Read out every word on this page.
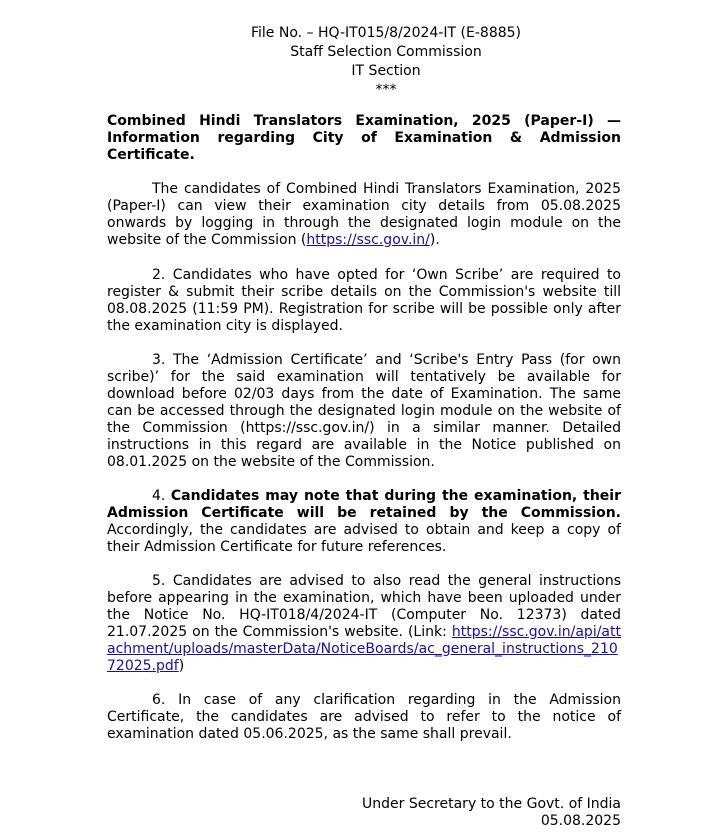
File No. – HQ-IT015/8/2024-IT (E-8885)
Staff Selection Commission
IT Section
***
Combined Hindi Translators Examination, 2025 (Paper-I) — Information regarding City of Examination & Admission Certificate.
The candidates of Combined Hindi Translators Examination, 2025 (Paper-I) can view their examination city details from 05.08.2025 onwards by logging in through the designated login module on the website of the Commission (https://ssc.gov.in/).
2. Candidates who have opted for ‘Own Scribe’ are required to register & submit their scribe details on the Commission's website till 08.08.2025 (11:59 PM). Registration for scribe will be possible only after the examination city is displayed.
3. The ‘Admission Certificate’ and ‘Scribe's Entry Pass (for own scribe)’ for the said examination will tentatively be available for download before 02/03 days from the date of Examination. The same can be accessed through the designated login module on the website of the Commission (https://ssc.gov.in/) in a similar manner. Detailed instructions in this regard are available in the Notice published on 08.01.2025 on the website of the Commission.
4. Candidates may note that during the examination, their Admission Certificate will be retained by the Commission. Accordingly, the candidates are advised to obtain and keep a copy of their Admission Certificate for future references.
5. Candidates are advised to also read the general instructions before appearing in the examination, which have been uploaded under the Notice No. HQ-IT018/4/2024-IT (Computer No. 12373) dated 21.07.2025 on the Commission's website. (Link: https://ssc.gov.in/api/attachment/uploads/masterData/NoticeBoards/ac_general_instructions_21072025.pdf)
6. In case of any clarification regarding in the Admission Certificate, the candidates are advised to refer to the notice of examination dated 05.06.2025, as the same shall prevail.
Under Secretary to the Govt. of India
05.08.2025
